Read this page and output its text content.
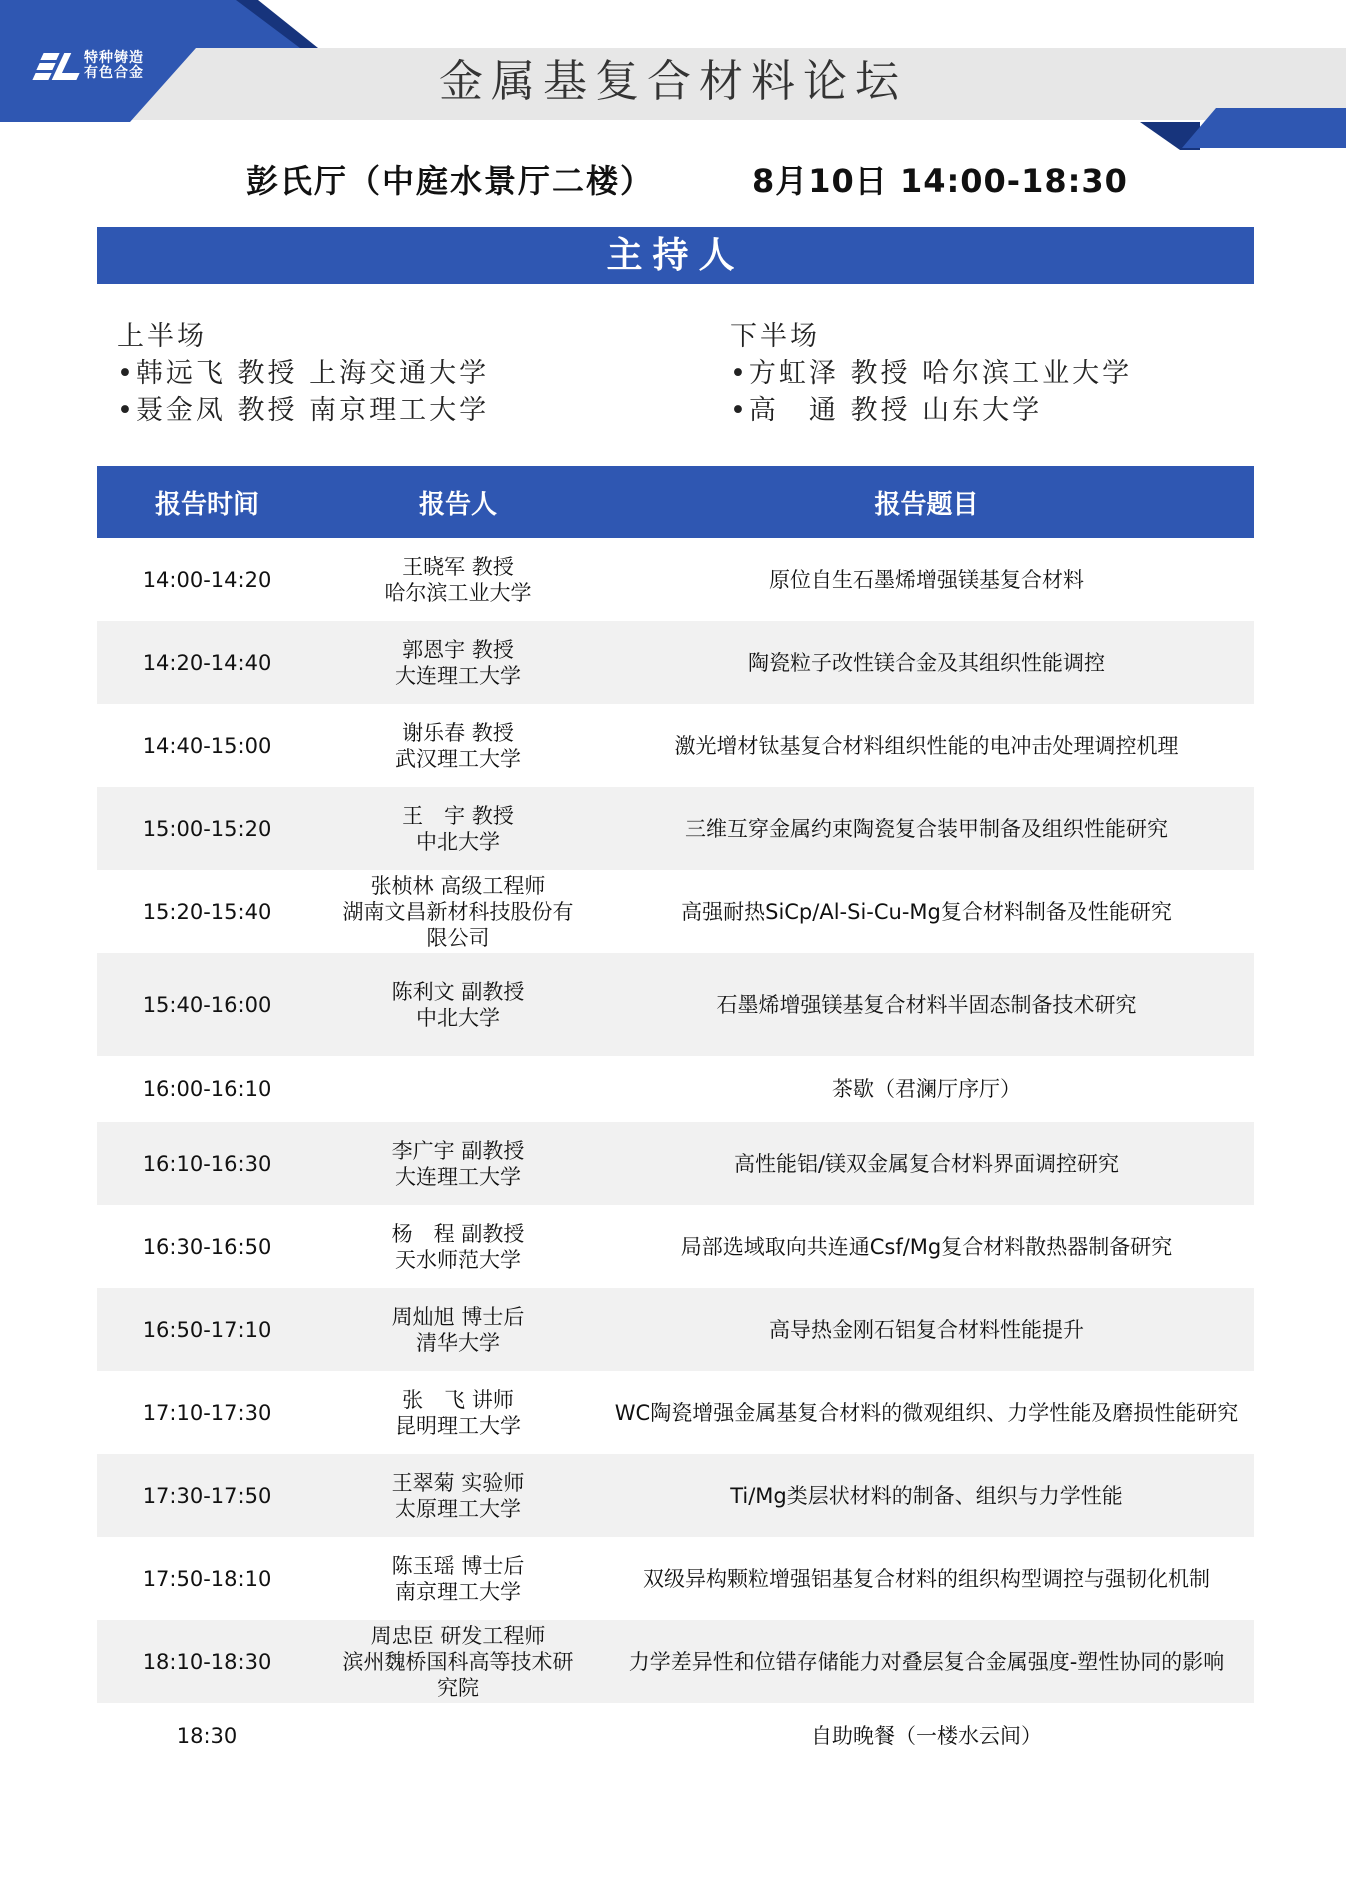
特种铸造
有色合金	金属基复合材料论坛
彭氏厅（中庭水景厅二楼）	8月10日 14:00-18:30
主持人
上半场
•韩远飞 教授 上海交通大学
•聂金凤 教授 南京理工大学
下半场
•方虹泽 教授 哈尔滨工业大学
•高　通 教授 山东大学
报告时间	报告人	报告题目
14:00-14:20	王晓军 教授
哈尔滨工业大学	原位自生石墨烯增强镁基复合材料
14:20-14:40	郭恩宇 教授
大连理工大学	陶瓷粒子改性镁合金及其组织性能调控
14:40-15:00	谢乐春 教授
武汉理工大学	激光增材钛基复合材料组织性能的电冲击处理调控机理
15:00-15:20	王　宇 教授
中北大学	三维互穿金属约束陶瓷复合装甲制备及组织性能研究
15:20-15:40	张桢林 高级工程师
湖南文昌新材科技股份有
限公司	高强耐热SiCp/Al-Si-Cu-Mg复合材料制备及性能研究
15:40-16:00	陈利文 副教授
中北大学	石墨烯增强镁基复合材料半固态制备技术研究
16:00-16:10		茶歇（君澜厅序厅）
16:10-16:30	李广宇 副教授
大连理工大学	高性能铝/镁双金属复合材料界面调控研究
16:30-16:50	杨　程 副教授
天水师范大学	局部选域取向共连通Csf/Mg复合材料散热器制备研究
16:50-17:10	周灿旭 博士后
清华大学	高导热金刚石铝复合材料性能提升
17:10-17:30	张　飞 讲师
昆明理工大学	WC陶瓷增强金属基复合材料的微观组织、力学性能及磨损性能研究
17:30-17:50	王翠菊 实验师
太原理工大学	Ti/Mg类层状材料的制备、组织与力学性能
17:50-18:10	陈玉瑶 博士后
南京理工大学	双级异构颗粒增强铝基复合材料的组织构型调控与强韧化机制
18:10-18:30	周忠臣 研发工程师
滨州魏桥国科高等技术研
究院	力学差异性和位错存储能力对叠层复合金属强度-塑性协同的影响
18:30		自助晚餐（一楼水云间）
